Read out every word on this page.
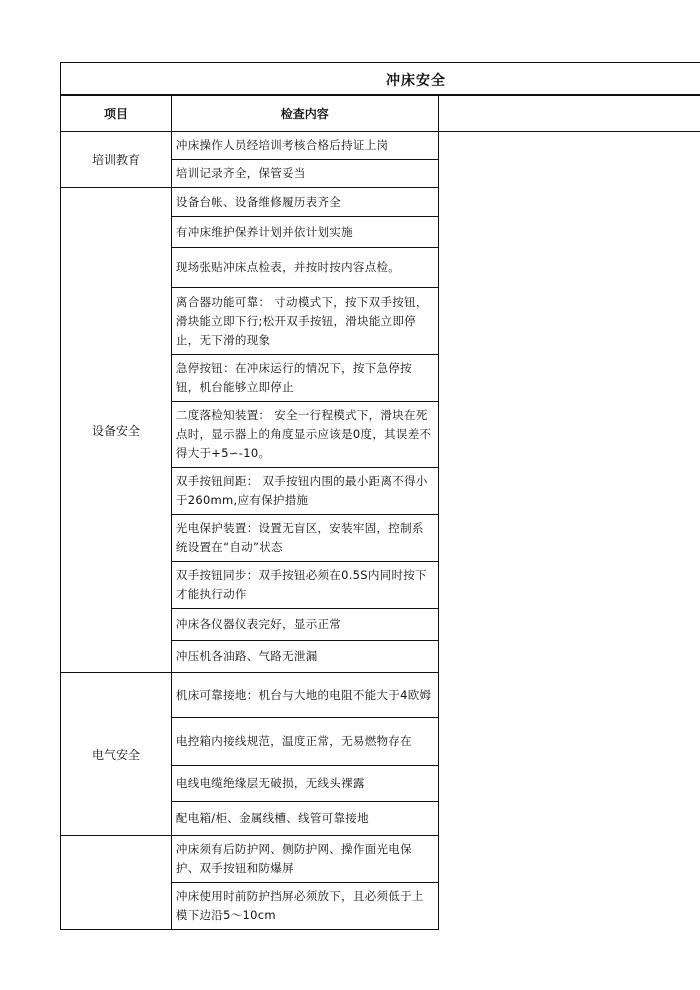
冲床安全
项目	检查内容	
培训教育	冲床操作人员经培训考核合格后持证上岗	
	培训记录齐全，保管妥当	
设备安全	设备台帐、设备维修履历表齐全	
	有冲床维护保养计划并依计划实施	
	现场张贴冲床点检表，并按时按内容点检。	
	离合器功能可靠： 寸动模式下，按下双手按钮，滑块能立即下行;松开双手按钮，滑块能立即停止，无下滑的现象	
	急停按钮：在冲床运行的情况下，按下急停按钮，机台能够立即停止	
	二度落检知装置： 安全一行程模式下，滑块在死点时，显示器上的角度显示应该是0度，其误差不得大于+5∽-10。	
	双手按钮间距： 双手按钮内围的最小距离不得小于260mm,应有保护措施	
	光电保护装置：设置无盲区，安装牢固，控制系统设置在“自动”状态	
	双手按钮同步：双手按钮必须在0.5S内同时按下才能执行动作	
	冲床各仪器仪表完好，显示正常	
	冲压机各油路、气路无泄漏	
电气安全	机床可靠接地：机台与大地的电阻不能大于4欧姆	
	电控箱内接线规范，温度正常，无易燃物存在	
	电线电缆绝缘层无破损，无线头裸露	
	配电箱/柜、金属线槽、线管可靠接地	
	冲床须有后防护网、侧防护网、操作面光电保护、双手按钮和防爆屏	
	冲床使用时前防护挡屏必须放下，且必须低于上模下边沿5～10cm	
